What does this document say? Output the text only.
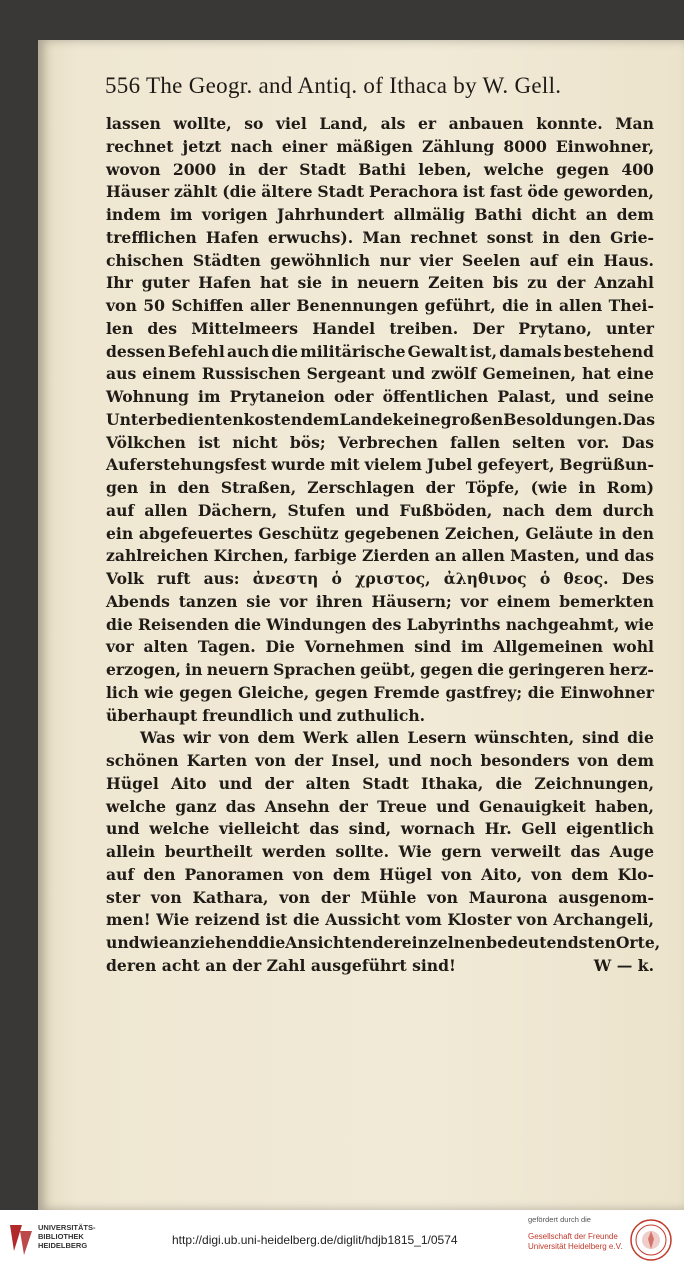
556 The Geogr. and Antiq. of Ithaca by W. Gell.
lassen wollte, so viel Land, als er anbauen konnte. Man
rechnet jetzt nach einer mäßigen Zählung 8000 Einwohner,
wovon 2000 in der Stadt Bathi leben, welche gegen 400
Häuser zählt (die ältere Stadt Perachora ist fast öde geworden,
indem im vorigen Jahrhundert allmälig Bathi dicht an dem
trefflichen Hafen erwuchs). Man rechnet sonst in den Grie-
chischen Städten gewöhnlich nur vier Seelen auf ein Haus.
Ihr guter Hafen hat sie in neuern Zeiten bis zu der Anzahl
von 50 Schiffen aller Benennungen geführt, die in allen Thei-
len des Mittelmeers Handel treiben. Der Prytano, unter
dessen Befehl auch die militärische Gewalt ist, damals bestehend
aus einem Russischen Sergeant und zwölf Gemeinen, hat eine
Wohnung im Prytaneion oder öffentlichen Palast, und seine
Unterbedienten kosten dem Lande keine großen Besoldungen. Das
Völkchen ist nicht bös; Verbrechen fallen selten vor. Das
Auferstehungsfest wurde mit vielem Jubel gefeyert, Begrüßun-
gen in den Straßen, Zerschlagen der Töpfe, (wie in Rom)
auf allen Dächern, Stufen und Fußböden, nach dem durch
ein abgefeuertes Geschütz gegebenen Zeichen, Geläute in den
zahlreichen Kirchen, farbige Zierden an allen Masten, und das
Volk ruft aus: ἀνεστη ὁ χριστος, ἀληθινος ὁ θεος. Des
Abends tanzen sie vor ihren Häusern; vor einem bemerkten
die Reisenden die Windungen des Labyrinths nachgeahmt, wie
vor alten Tagen. Die Vornehmen sind im Allgemeinen wohl
erzogen, in neuern Sprachen geübt, gegen die geringeren herz-
lich wie gegen Gleiche, gegen Fremde gastfrey; die Einwohner
überhaupt freundlich und zuthulich.
Was wir von dem Werk allen Lesern wünschten, sind die
schönen Karten von der Insel, und noch besonders von dem
Hügel Aito und der alten Stadt Ithaka, die Zeichnungen,
welche ganz das Ansehn der Treue und Genauigkeit haben,
und welche vielleicht das sind, wornach Hr. Gell eigentlich
allein beurtheilt werden sollte. Wie gern verweilt das Auge
auf den Panoramen von dem Hügel von Aito, von dem Klo-
ster von Kathara, von der Mühle von Maurona ausgenom-
men! Wie reizend ist die Aussicht vom Kloster von Archangeli,
und wie anziehend die Ansichten der einzelnen bedeutendsten Orte,
deren acht an der Zahl ausgeführt sind!	W — k.
UNIVERSITÄTS-
BIBLIOTHEK
HEIDELBERG	http://digi.ub.uni-heidelberg.de/diglit/hdjb1815_1/0574
gefördert durch die
Gesellschaft der Freunde
Universität Heidelberg e.V.
